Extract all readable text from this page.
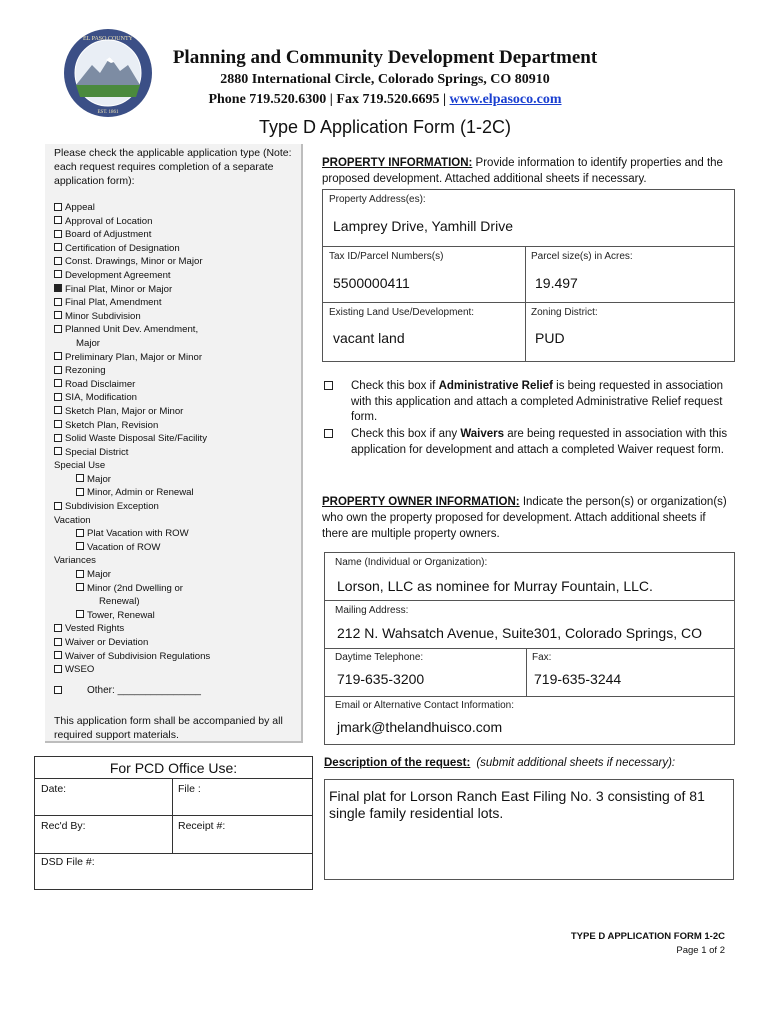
EL PASO COUNTY
EST. 1861
Planning and Community Development Department
2880 International Circle, Colorado Springs, CO 80910
Phone 719.520.6300 | Fax 719.520.6695 | www.elpasoco.com
Type D Application Form (1-2C)
Please check the applicable application type (Note: each request requires completion of a separate application form):
Appeal
Approval of Location
Board of Adjustment
Certification of Designation
Const. Drawings, Minor or Major
Development Agreement
Final Plat, Minor or Major
Final Plat, Amendment
Minor Subdivision
Planned Unit Dev. Amendment,
Major
Preliminary Plan, Major or Minor
Rezoning
Road Disclaimer
SIA, Modification
Sketch Plan, Major or Minor
Sketch Plan, Revision
Solid Waste Disposal Site/Facility
Special District
Special Use
Major
Minor, Admin or Renewal
Subdivision Exception
Vacation
Plat Vacation with ROW
Vacation of ROW
Variances
Major
Minor (2nd Dwelling or
Renewal)
Tower, Renewal
Vested Rights
Waiver or Deviation
Waiver of Subdivision Regulations
WSEO
Other: _______________
This application form shall be accompanied by all required support materials.
For PCD Office Use:
Date:	File :
Rec'd By:	Receipt #:
DSD File #:
PROPERTY INFORMATION: Provide information to identify properties and the proposed development. Attached additional sheets if necessary.
Property Address(es):
Lamprey Drive, Yamhill Drive
Tax ID/Parcel Numbers(s)
5500000411
Parcel size(s) in Acres:
19.497
Existing Land Use/Development:
vacant land
Zoning District:
PUD
Check this box if Administrative Relief is being requested in association with this application and attach a completed Administrative Relief request form.
Check this box if any Waivers are being requested in association with this application for development and attach a completed Waiver request form.
PROPERTY OWNER INFORMATION: Indicate the person(s) or organization(s) who own the property proposed for development. Attach additional sheets if there are multiple property owners.
Name (Individual or Organization):
Lorson, LLC as nominee for Murray Fountain, LLC.
Mailing Address:
212 N. Wahsatch Avenue, Suite301, Colorado Springs, CO
Daytime Telephone:
719-635-3200
Fax:
719-635-3244
Email or Alternative Contact Information:
jmark@thelandhuisco.com
Description of the request: (submit additional sheets if necessary):
Final plat for Lorson Ranch East Filing No. 3 consisting of 81 single family residential lots.
TYPE D APPLICATION FORM 1-2C
Page 1 of 2
